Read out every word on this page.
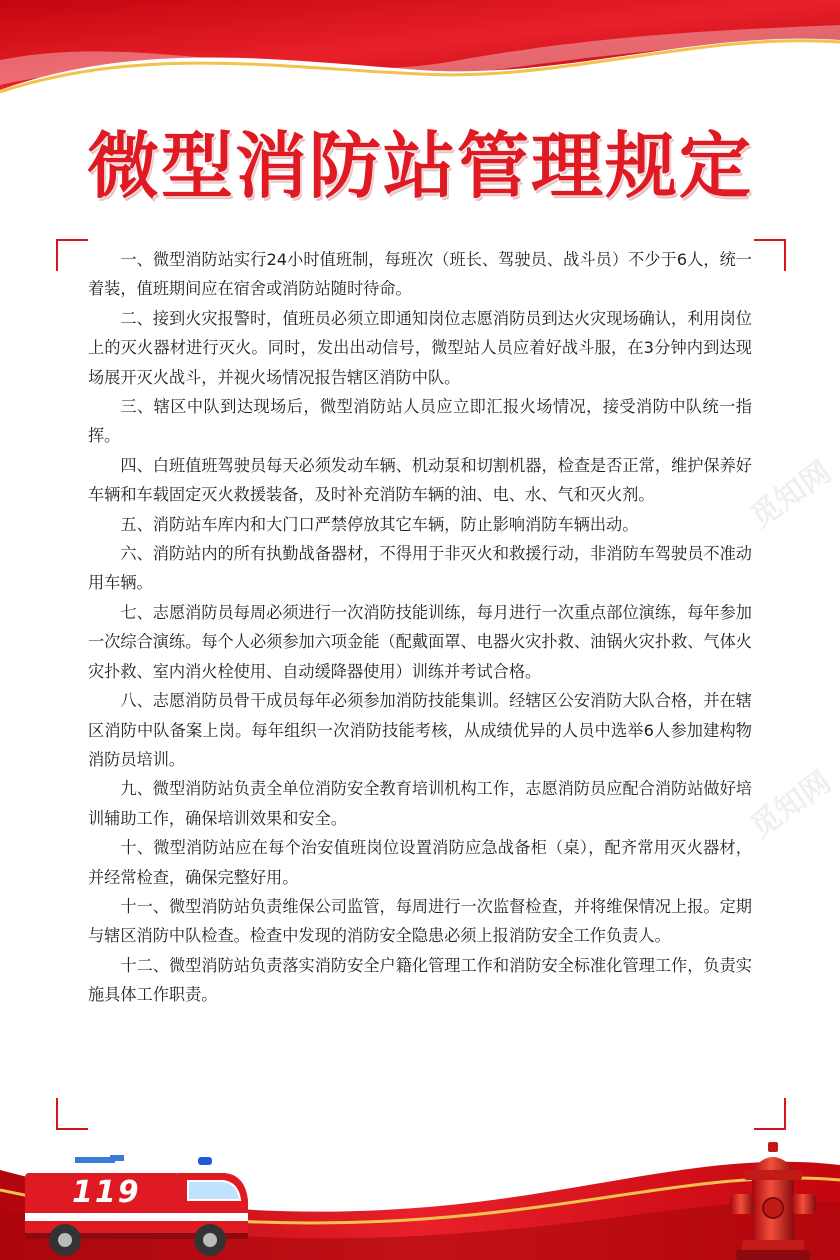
微型消防站管理规定

一、微型消防站实行24小时值班制，每班次（班长、驾驶员、战斗员）不少于6人，统一着装，值班期间应在宿舍或消防站随时待命。

二、接到火灾报警时，值班员必须立即通知岗位志愿消防员到达火灾现场确认，利用岗位上的灭火器材进行灭火。同时，发出出动信号，微型站人员应着好战斗服，在3分钟内到达现场展开灭火战斗，并视火场情况报告辖区消防中队。

三、辖区中队到达现场后，微型消防站人员应立即汇报火场情况，接受消防中队统一指挥。

四、白班值班驾驶员每天必须发动车辆、机动泵和切割机器，检查是否正常，维护保养好车辆和车载固定灭火救援装备，及时补充消防车辆的油、电、水、气和灭火剂。

五、消防站车库内和大门口严禁停放其它车辆，防止影响消防车辆出动。

六、消防站内的所有执勤战备器材，不得用于非灭火和救援行动，非消防车驾驶员不准动用车辆。

七、志愿消防员每周必须进行一次消防技能训练，每月进行一次重点部位演练，每年参加一次综合演练。每个人必须参加六项金能（配戴面罩、电器火灾扑救、油锅火灾扑救、气体火灾扑救、室内消火栓使用、自动缓降器使用）训练并考试合格。

八、志愿消防员骨干成员每年必须参加消防技能集训。经辖区公安消防大队合格，并在辖区消防中队备案上岗。每年组织一次消防技能考核，从成绩优异的人员中选举6人参加建构物消防员培训。

九、微型消防站负责全单位消防安全教育培训机构工作，志愿消防员应配合消防站做好培训辅助工作，确保培训效果和安全。

十、微型消防站应在每个治安值班岗位设置消防应急战备柜（桌），配齐常用灭火器材，并经常检查，确保完整好用。

十一、微型消防站负责维保公司监管，每周进行一次监督检查，并将维保情况上报。定期与辖区消防中队检查。检查中发现的消防安全隐患必须上报消防安全工作负责人。

十二、微型消防站负责落实消防安全户籍化管理工作和消防安全标准化管理工作，负责实施具体工作职责。

觅知网
觅知网
119
